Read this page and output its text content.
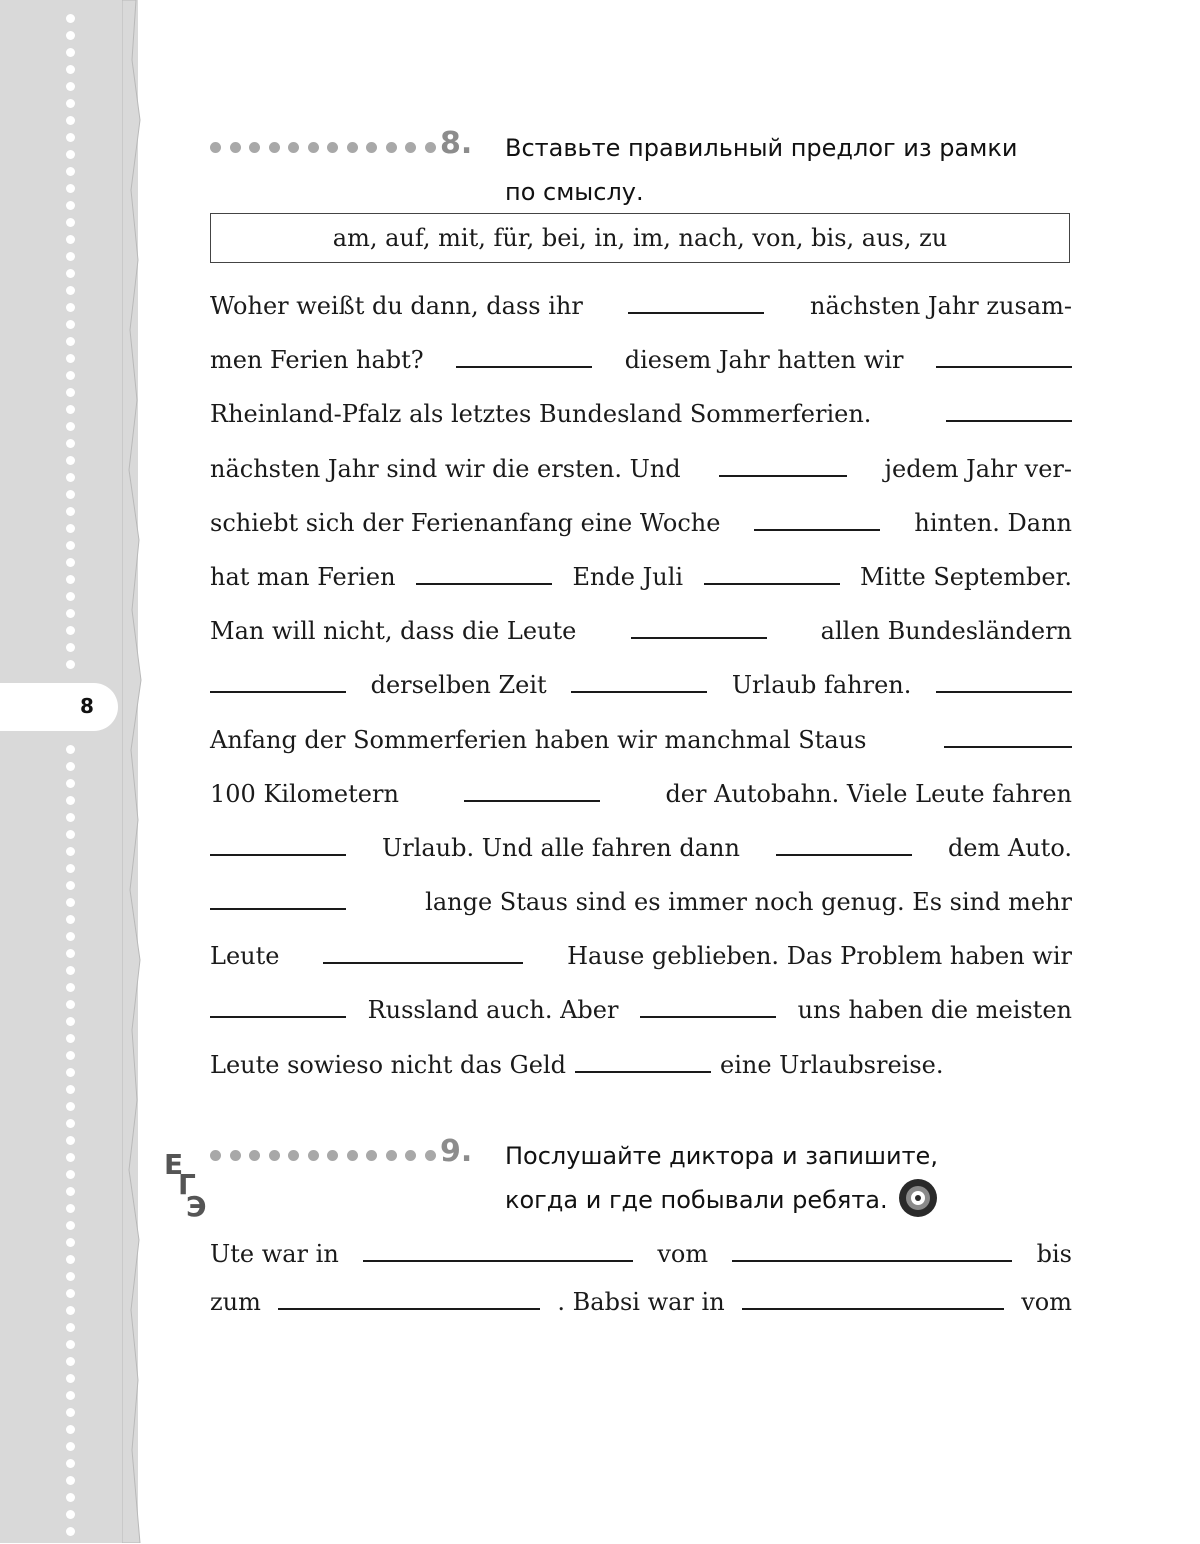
8
8. Вставьте правильный предлог из рамки
по смыслу.
am, auf, mit, für, bei, in, im, nach, von, bis, aus, zu
Woher weißt du dann, dass ihr	nächsten Jahr zusam-
men Ferien habt?	diesem Jahr hatten wir
Rheinland-Pfalz als letztes Bundesland Sommerferien.
nächsten Jahr sind wir die ersten. Und	jedem Jahr ver-
schiebt sich der Ferienanfang eine Woche	hinten. Dann
hat man Ferien	Ende Juli	Mitte September.
Man will nicht, dass die Leute	allen Bundesländern
derselben Zeit	Urlaub fahren.
Anfang der Sommerferien haben wir manchmal Staus
100 Kilometern	der Autobahn. Viele Leute fahren
Urlaub. Und alle fahren dann	dem Auto.
lange Staus sind es immer noch genug. Es sind mehr
Leute	Hause geblieben. Das Problem haben wir
Russland auch. Aber	uns haben die meisten
Leute sowieso nicht das Geld	eine Urlaubsreise.
Е
Г
Э
9. Послушайте диктора и запишите,
когда и где побывали ребята.
Ute war in	vom	bis
zum	. Babsi war in	vom
